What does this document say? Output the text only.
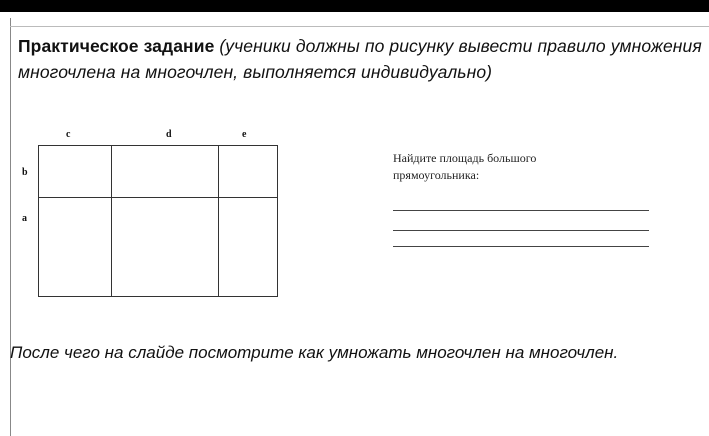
Практическое задание (ученики должны по рисунку вывести правило умножения многочлена на многочлен, выполняется индивидуально)
c	d	e
b
a
Найдите площадь большого прямоугольника:
После чего на слайде посмотрите как умножать многочлен на многочлен.
